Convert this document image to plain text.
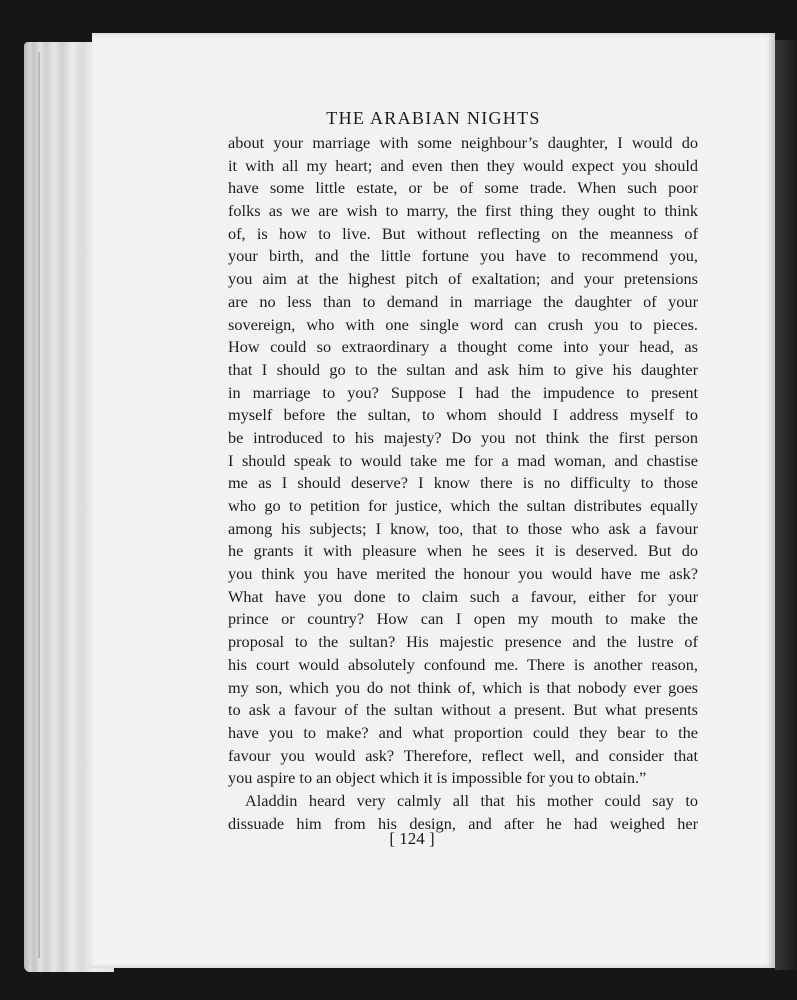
THE ARABIAN NIGHTS
about your marriage with some neighbour’s daughter, I would do
it with all my heart; and even then they would expect you should
have some little estate, or be of some trade. When such poor
folks as we are wish to marry, the first thing they ought to think
of, is how to live. But without reflecting on the meanness of
your birth, and the little fortune you have to recommend you,
you aim at the highest pitch of exaltation; and your pretensions
are no less than to demand in marriage the daughter of your
sovereign, who with one single word can crush you to pieces.
How could so extraordinary a thought come into your head, as
that I should go to the sultan and ask him to give his daughter
in marriage to you? Suppose I had the impudence to present
myself before the sultan, to whom should I address myself to
be introduced to his majesty? Do you not think the first person
I should speak to would take me for a mad woman, and chastise
me as I should deserve? I know there is no difficulty to those
who go to petition for justice, which the sultan distributes equally
among his subjects; I know, too, that to those who ask a favour
he grants it with pleasure when he sees it is deserved. But do
you think you have merited the honour you would have me ask?
What have you done to claim such a favour, either for your
prince or country? How can I open my mouth to make the
proposal to the sultan? His majestic presence and the lustre of
his court would absolutely confound me. There is another reason,
my son, which you do not think of, which is that nobody ever goes
to ask a favour of the sultan without a present. But what presents
have you to make? and what proportion could they bear to the
favour you would ask? Therefore, reflect well, and consider that
you aspire to an object which it is impossible for you to obtain.”
Aladdin heard very calmly all that his mother could say to
dissuade him from his design, and after he had weighed her

[ 124 ]
